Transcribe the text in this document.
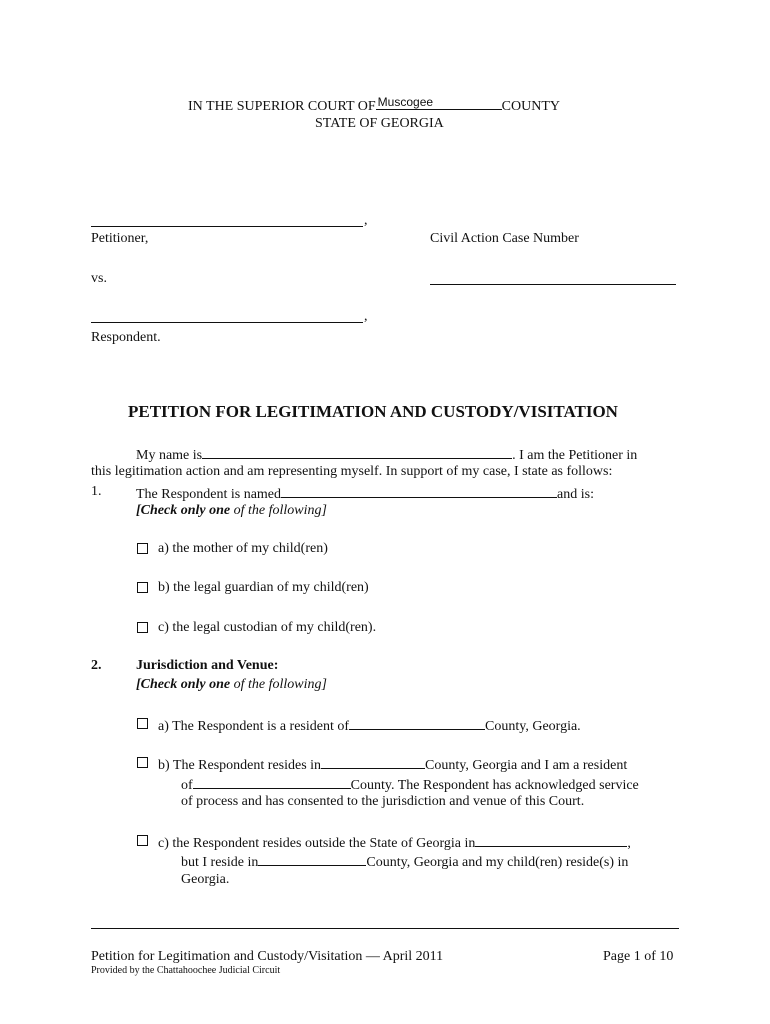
IN THE SUPERIOR COURT OF Muscogee	COUNTY
STATE OF GEORGIA
,
Petitioner,	Civil Action Case Number
vs.
,
Respondent.
PETITION FOR LEGITIMATION AND CUSTODY/VISITATION
My name is	. I am the Petitioner in
this legitimation action and am representing myself. In support of my case, I state as follows:
1. The Respondent is named	and is:
[Check only one of the following]
a) the mother of my child(ren)
b) the legal guardian of my child(ren)
c) the legal custodian of my child(ren).
2. Jurisdiction and Venue:
[Check only one of the following]
a) The Respondent is a resident of	County, Georgia.
b) The Respondent resides in	County, Georgia and I am a resident
of	County. The Respondent has acknowledged service
of process and has consented to the jurisdiction and venue of this Court.
c) the Respondent resides outside the State of Georgia in	,
but I reside in	County, Georgia and my child(ren) reside(s) in
Georgia.
Petition for Legitimation and Custody/Visitation — April 2011	Page 1 of 10
Provided by the Chattahoochee Judicial Circuit
